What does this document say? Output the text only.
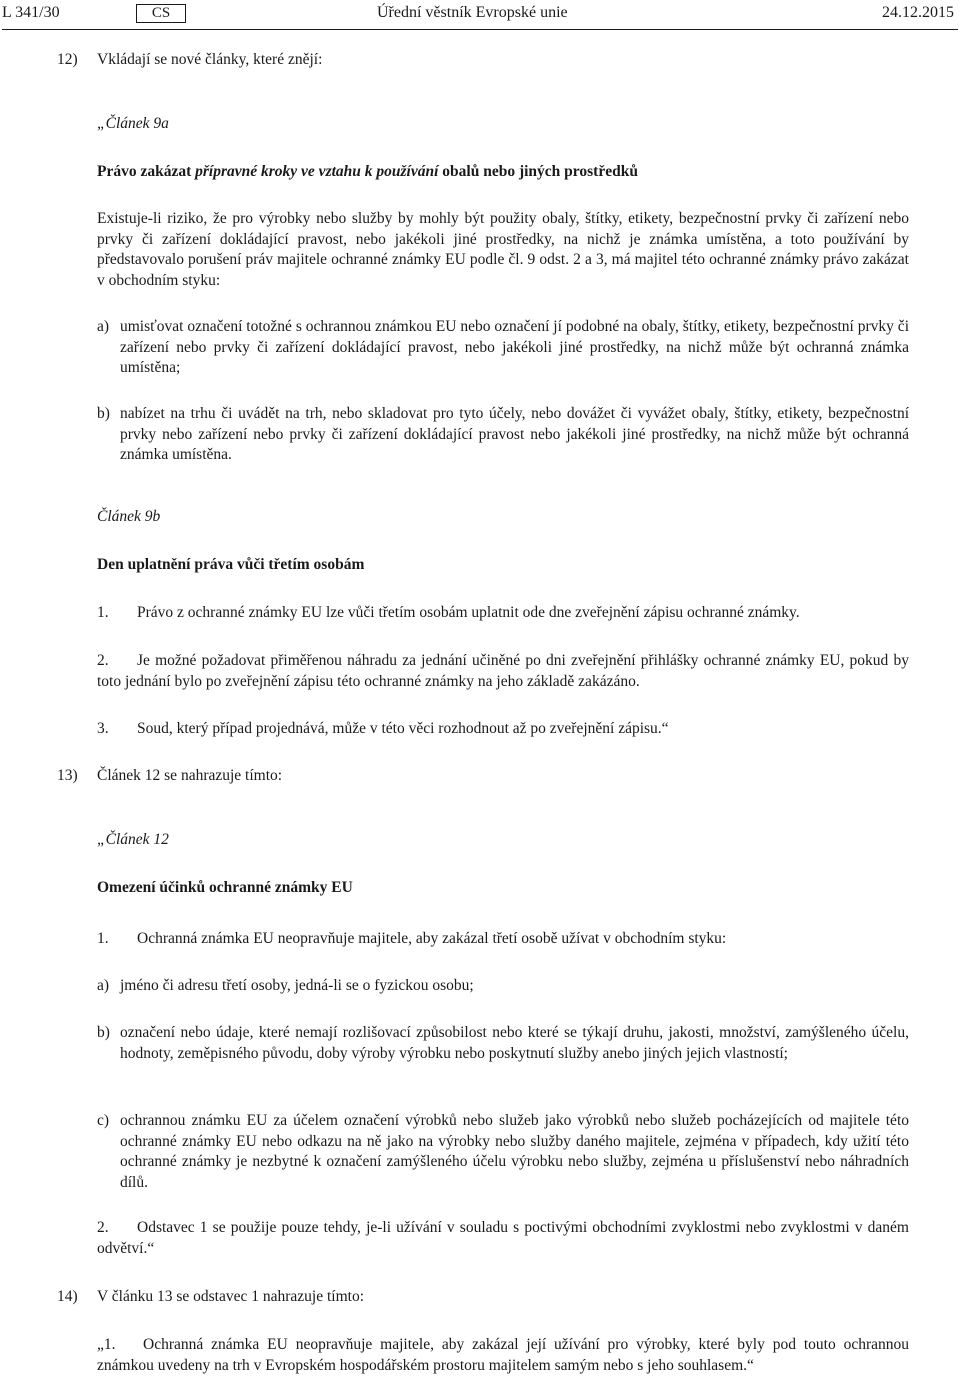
L 341/30	CS	Úřední věstník Evropské unie	24.12.2015
12) Vkládají se nové články, které znějí:

„Článek 9a

Právo zakázat přípravné kroky ve vztahu k používání obalů nebo jiných prostředků

Existuje-li riziko, že pro výrobky nebo služby by mohly být použity obaly, štítky, etikety, bezpečnostní prvky či zařízení nebo prvky či zařízení dokládající pravost, nebo jakékoli jiné prostředky, na nichž je známka umístěna, a toto používání by představovalo porušení práv majitele ochranné známky EU podle čl. 9 odst. 2 a 3, má majitel této ochranné známky právo zakázat v obchodním styku:

a) umisťovat označení totožné s ochrannou známkou EU nebo označení jí podobné na obaly, štítky, etikety, bezpečnostní prvky či zařízení nebo prvky či zařízení dokládající pravost, nebo jakékoli jiné prostředky, na nichž může být ochranná známka umístěna;

b) nabízet na trhu či uvádět na trh, nebo skladovat pro tyto účely, nebo dovážet či vyvážet obaly, štítky, etikety, bezpečnostní prvky nebo zařízení nebo prvky či zařízení dokládající pravost nebo jakékoli jiné prostředky, na nichž může být ochranná známka umístěna.

Článek 9b

Den uplatnění práva vůči třetím osobám

1. Právo z ochranné známky EU lze vůči třetím osobám uplatnit ode dne zveřejnění zápisu ochranné známky.

2. Je možné požadovat přiměřenou náhradu za jednání učiněné po dni zveřejnění přihlášky ochranné známky EU, pokud by toto jednání bylo po zveřejnění zápisu této ochranné známky na jeho základě zakázáno.

3. Soud, který případ projednává, může v této věci rozhodnout až po zveřejnění zápisu.“

13) Článek 12 se nahrazuje tímto:

„Článek 12

Omezení účinků ochranné známky EU

1. Ochranná známka EU neopravňuje majitele, aby zakázal třetí osobě užívat v obchodním styku:

a) jméno či adresu třetí osoby, jedná-li se o fyzickou osobu;

b) označení nebo údaje, které nemají rozlišovací způsobilost nebo které se týkají druhu, jakosti, množství, zamýšleného účelu, hodnoty, zeměpisného původu, doby výroby výrobku nebo poskytnutí služby anebo jiných jejich vlastností;

c) ochrannou známku EU za účelem označení výrobků nebo služeb jako výrobků nebo služeb pocházejících od majitele této ochranné známky EU nebo odkazu na ně jako na výrobky nebo služby daného majitele, zejména v případech, kdy užití této ochranné známky je nezbytné k označení zamýšleného účelu výrobku nebo služby, zejména u příslušenství nebo náhradních dílů.

2. Odstavec 1 se použije pouze tehdy, je-li užívání v souladu s poctivými obchodními zvyklostmi nebo zvyklostmi v daném odvětví.“

14) V článku 13 se odstavec 1 nahrazuje tímto:

„1. Ochranná známka EU neopravňuje majitele, aby zakázal její užívání pro výrobky, které byly pod touto ochrannou známkou uvedeny na trh v Evropském hospodářském prostoru majitelem samým nebo s jeho souhlasem.“
